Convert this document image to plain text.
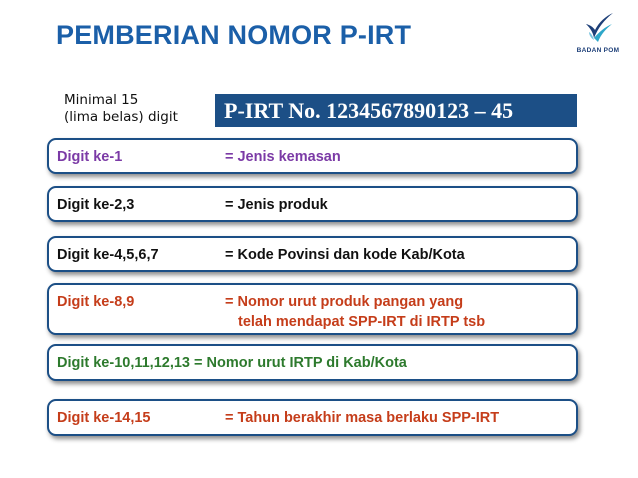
PEMBERIAN NOMOR P-IRT
BADAN POM
Minimal 15
(lima belas) digit	P-IRT No. 1234567890123 – 45
Digit ke-1	= Jenis kemasan
Digit ke-2,3	= Jenis produk
Digit ke-4,5,6,7	= Kode Povinsi dan kode Kab/Kota
Digit ke-8,9	= Nomor urut produk pangan yang
telah mendapat SPP-IRT di IRTP tsb
Digit ke-10,11,12,13 = Nomor urut IRTP di Kab/Kota
Digit ke-14,15	= Tahun berakhir masa berlaku SPP-IRT
